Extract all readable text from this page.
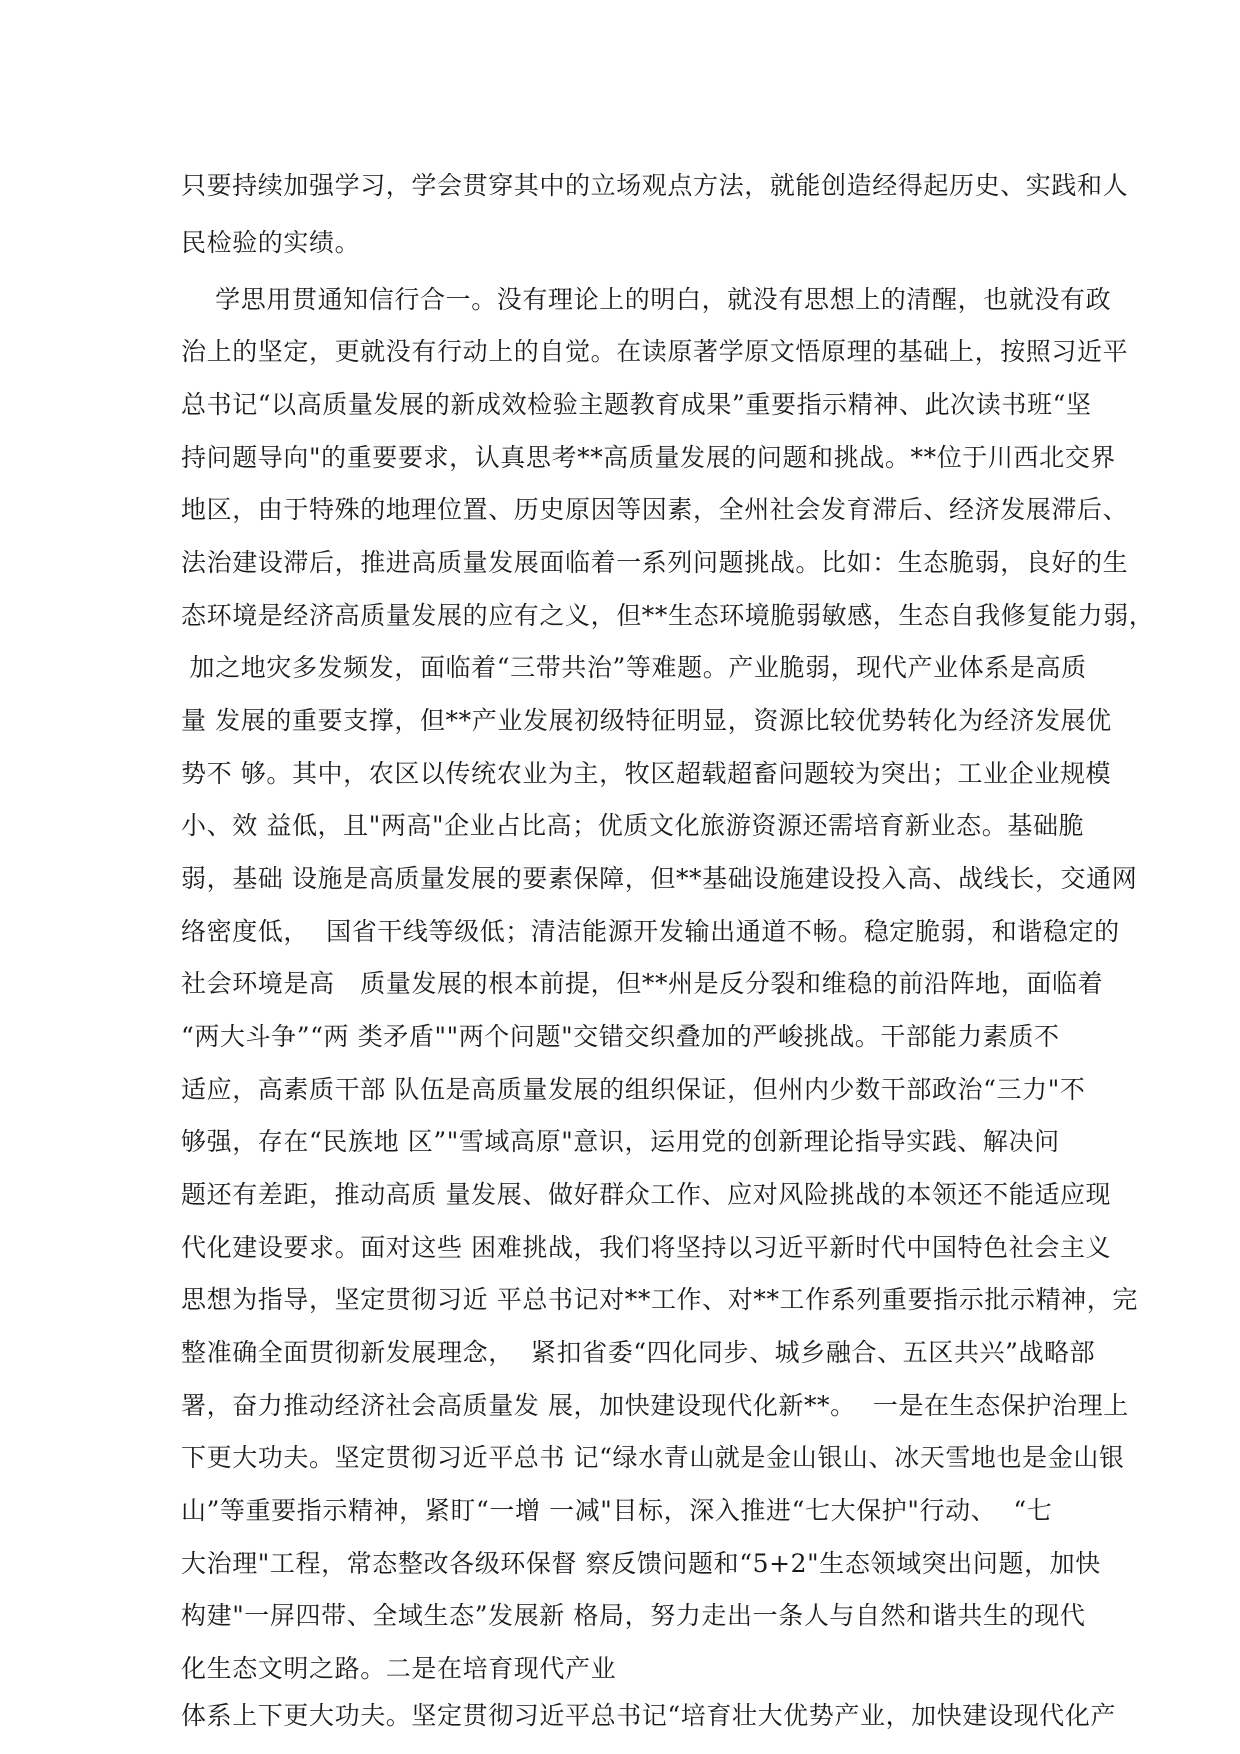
只要持续加强学习，学会贯穿其中的立场观点方法，就能创造经得起历史、实践和人
民检验的实绩。
学思用贯通知信行合一。没有理论上的明白，就没有思想上的清醒，也就没有政
治上的坚定，更就没有行动上的自觉。在读原著学原文悟原理的基础上，按照习近平
总书记“以高质量发展的新成效检验主题教育成果”重要指示精神、此次读书班“坚
持问题导向"的重要要求，认真思考**高质量发展的问题和挑战。**位于川西北交界
地区，由于特殊的地理位置、历史原因等因素，全州社会发育滞后、经济发展滞后、
法治建设滞后，推进高质量发展面临着一系列问题挑战。比如：生态脆弱，良好的生
态环境是经济高质量发展的应有之义，但**生态环境脆弱敏感，生态自我修复能力弱，
加之地灾多发频发，面临着“三带共治”等难题。产业脆弱，现代产业体系是高质
量 发展的重要支撑，但**产业发展初级特征明显，资源比较优势转化为经济发展优
势不 够。其中，农区以传统农业为主，牧区超载超畜问题较为突出；工业企业规模
小、效 益低，且"两高"企业占比高；优质文化旅游资源还需培育新业态。基础脆
弱，基础 设施是高质量发展的要素保障，但**基础设施建设投入高、战线长，交通网
络密度低，  国省干线等级低；清洁能源开发输出通道不畅。稳定脆弱，和谐稳定的
社会环境是高   质量发展的根本前提，但**州是反分裂和维稳的前沿阵地，面临着
“两大斗争”“两 类矛盾""两个问题"交错交织叠加的严峻挑战。干部能力素质不
适应，高素质干部 队伍是高质量发展的组织保证，但州内少数干部政治“三力"不
够强，存在“民族地 区”"雪域高原"意识，运用党的创新理论指导实践、解决问
题还有差距，推动高质 量发展、做好群众工作、应对风险挑战的本领还不能适应现
代化建设要求。面对这些 困难挑战，我们将坚持以习近平新时代中国特色社会主义
思想为指导，坚定贯彻习近 平总书记对**工作、对**工作系列重要指示批示精神，完
整准确全面贯彻新发展理念，  紧扣省委“四化同步、城乡融合、五区共兴”战略部
署，奋力推动经济社会高质量发 展，加快建设现代化新**。  一是在生态保护治理上
下更大功夫。坚定贯彻习近平总书 记“绿水青山就是金山银山、冰天雪地也是金山银
山”等重要指示精神，紧盯“一增 一减"目标，深入推进“七大保护"行动、  “七
大治理"工程，常态整改各级环保督 察反馈问题和“5+2"生态领域突出问题，加快
构建"一屏四带、全域生态”发展新 格局，努力走出一条人与自然和谐共生的现代
化生态文明之路。二是在培育现代产业
体系上下更大功夫。坚定贯彻习近平总书记“培育壮大优势产业，加快建设现代化产
